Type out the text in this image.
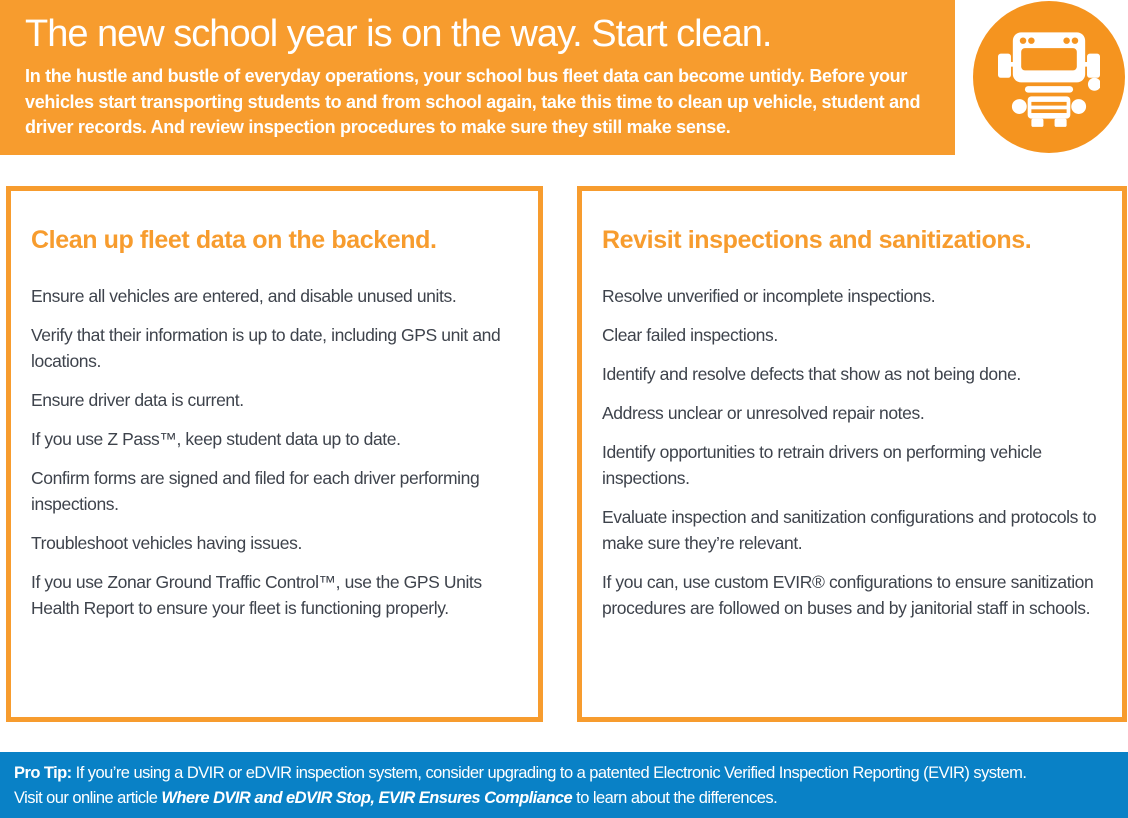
The new school year is on the way. Start clean.
In the hustle and bustle of everyday operations, your school bus fleet data can become untidy. Before your vehicles start transporting students to and from school again, take this time to clean up vehicle, student and driver records. And review inspection procedures to make sure they still make sense.
Clean up fleet data on the backend.

Ensure all vehicles are entered, and disable unused units.

Verify that their information is up to date, including GPS unit and locations.

Ensure driver data is current.

If you use Z Pass™, keep student data up to date.

Confirm forms are signed and filed for each driver performing inspections.

Troubleshoot vehicles having issues.

If you use Zonar Ground Traffic Control™, use the GPS Units Health Report to ensure your fleet is functioning properly.

Revisit inspections and sanitizations.

Resolve unverified or incomplete inspections.

Clear failed inspections.

Identify and resolve defects that show as not being done.

Address unclear or unresolved repair notes.

Identify opportunities to retrain drivers on performing vehicle inspections.

Evaluate inspection and sanitization configurations and protocols to make sure they’re relevant.

If you can, use custom EVIR® configurations to ensure sanitization procedures are followed on buses and by janitorial staff in schools.

Pro Tip: If you’re using a DVIR or eDVIR inspection system, consider upgrading to a patented Electronic Verified Inspection Reporting (EVIR) system.
Visit our online article Where DVIR and eDVIR Stop, EVIR Ensures Compliance to learn about the differences.
